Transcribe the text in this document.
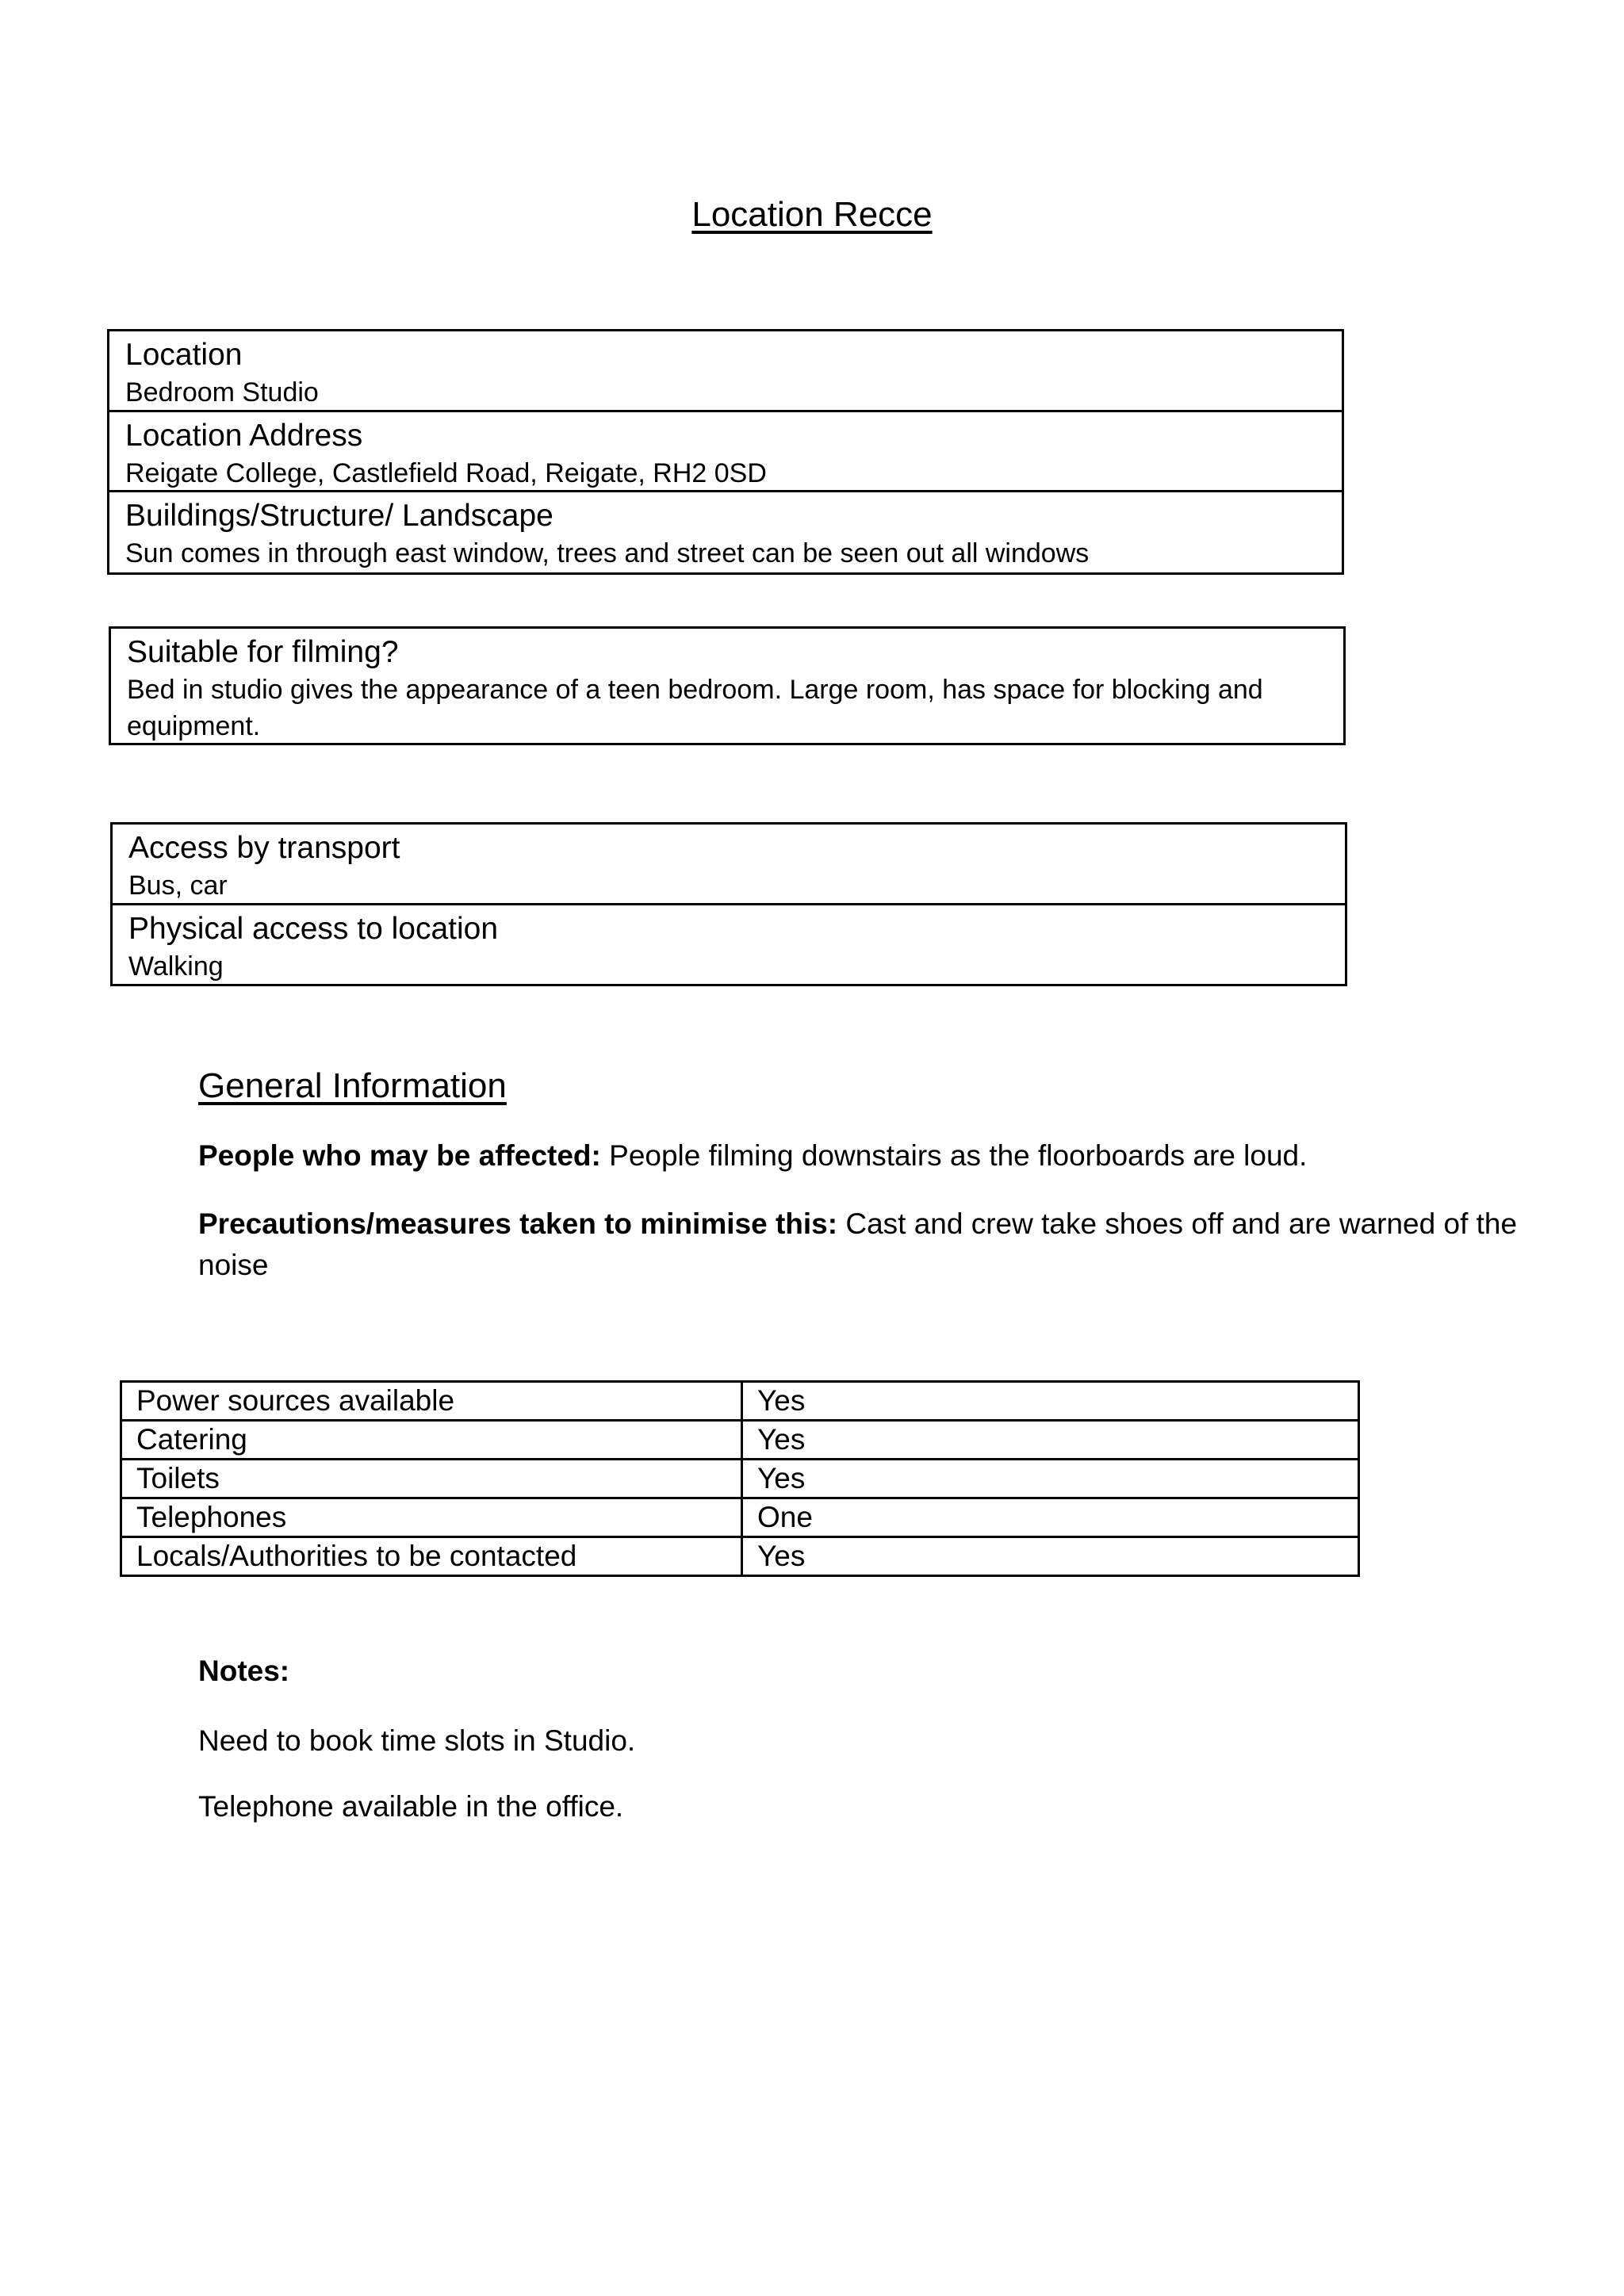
Location Recce
Location
Bedroom Studio
Location Address
Reigate College, Castlefield Road, Reigate, RH2 0SD
Buildings/Structure/ Landscape
Sun comes in through east window, trees and street can be seen out all windows
Suitable for filming?
Bed in studio gives the appearance of a teen bedroom. Large room, has space for blocking and equipment.
Access by transport
Bus, car
Physical access to location
Walking
General Information
People who may be affected: People filming downstairs as the floorboards are loud.
Precautions/measures taken to minimise this: Cast and crew take shoes off and are warned of the noise
Power sources available	Yes
Catering	Yes
Toilets	Yes
Telephones	One
Locals/Authorities to be contacted	Yes
Notes:
Need to book time slots in Studio.
Telephone available in the office.
